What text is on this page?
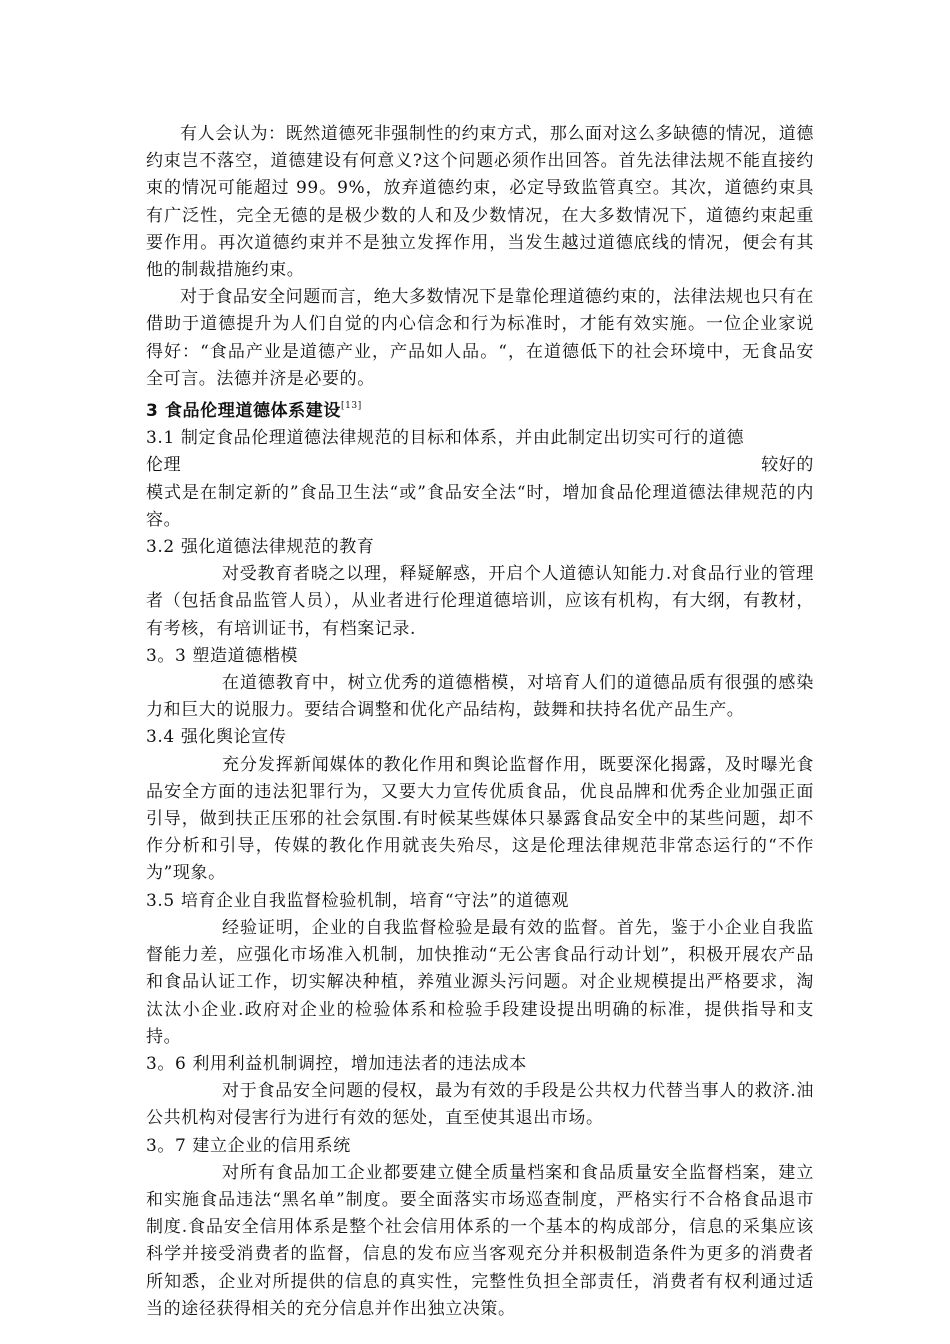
有人会认为：既然道德死非强制性的约束方式，那么面对这么多缺德的情况，道德约束岂不落空，道德建设有何意义?这个问题必须作出回答。首先法律法规不能直接约束的情况可能超过 99。9%，放弃道德约束，必定导致监管真空。其次，道德约束具有广泛性，完全无德的是极少数的人和及少数情况，在大多数情况下，道德约束起重要作用。再次道德约束并不是独立发挥作用，当发生越过道德底线的情况，便会有其他的制裁措施约束。

对于食品安全问题而言，绝大多数情况下是靠伦理道德约束的，法律法规也只有在借助于道德提升为人们自觉的内心信念和行为标准时，才能有效实施。一位企业家说得好：“食品产业是道德产业，产品如人品。“，在道德低下的社会环境中，无食品安全可言。法德并济是必要的。

3 食品伦理道德体系建设[13]

3.1 制定食品伦理道德法律规范的目标和体系，并由此制定出切实可行的道德

伦理	较好的

模式是在制定新的”食品卫生法“或”食品安全法“时，增加食品伦理道德法律规范的内容。

3.2 强化道德法律规范的教育

对受教育者晓之以理，释疑解惑，开启个人道德认知能力.对食品行业的管理者（包括食品监管人员），从业者进行伦理道德培训，应该有机构，有大纲，有教材，有考核，有培训证书，有档案记录.

3。3 塑造道德楷模

在道德教育中，树立优秀的道德楷模，对培育人们的道德品质有很强的感染力和巨大的说服力。要结合调整和优化产品结构，鼓舞和扶持名优产品生产。

3.4 强化舆论宣传

充分发挥新闻媒体的教化作用和舆论监督作用，既要深化揭露，及时曝光食品安全方面的违法犯罪行为，又要大力宣传优质食品，优良品牌和优秀企业加强正面引导，做到扶正压邪的社会氛围.有时候某些媒体只暴露食品安全中的某些问题，却不作分析和引导，传媒的教化作用就丧失殆尽，这是伦理法律规范非常态运行的“不作为”现象。

3.5 培育企业自我监督检验机制，培育“守法”的道德观

经验证明，企业的自我监督检验是最有效的监督。首先，鉴于小企业自我监督能力差，应强化市场准入机制，加快推动“无公害食品行动计划”，积极开展农产品和食品认证工作，切实解决种植，养殖业源头污问题。对企业规模提出严格要求，淘汰汰小企业.政府对企业的检验体系和检验手段建设提出明确的标准，提供指导和支持。

3。6 利用利益机制调控，增加违法者的违法成本

对于食品安全问题的侵权，最为有效的手段是公共权力代替当事人的救济.油公共机构对侵害行为进行有效的惩处，直至使其退出市场。

3。7 建立企业的信用系统

对所有食品加工企业都要建立健全质量档案和食品质量安全监督档案，建立和实施食品违法“黑名单”制度。要全面落实市场巡查制度，严格实行不合格食品退市制度.食品安全信用体系是整个社会信用体系的一个基本的构成部分，信息的采集应该科学并接受消费者的监督，信息的发布应当客观充分并积极制造条件为更多的消费者所知悉，企业对所提供的信息的真实性，完整性负担全部责任，消费者有权利通过适当的途径获得相关的充分信息并作出独立决策。
